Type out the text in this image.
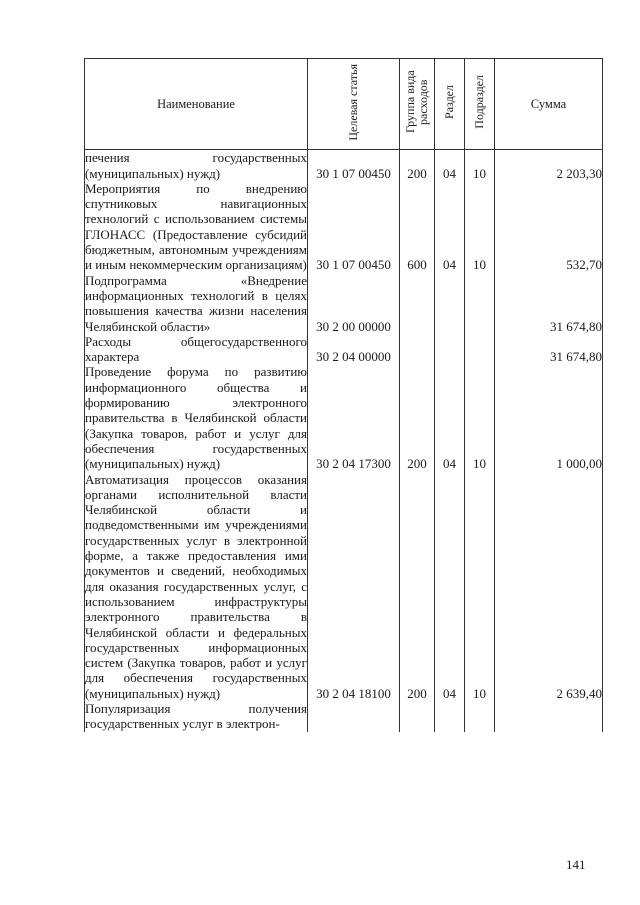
Наименование	Целевая статья	Группа вида расходов	Раздел	Подраздел	Сумма
печения государственных (муниципальных) нужд)	30 1 07 00450	200	04	10	2 203,30
Мероприятия по внедрению спутниковых навигационных технологий с использованием системы ГЛОНАСС (Предоставление субсидий бюджетным, автономным учреждениям и иным некоммерческим организациям)	30 1 07 00450	600	04	10	532,70
Подпрограмма «Внедрение информационных технологий в целях повышения качества жизни населения Челябинской области»	30 2 00 00000				31 674,80
Расходы общегосударственного характера	30 2 04 00000				31 674,80
Проведение форума по развитию информационного общества и формированию электронного правительства в Челябинской области (Закупка товаров, работ и услуг для обеспечения государственных (муниципальных) нужд)	30 2 04 17300	200	04	10	1 000,00
Автоматизация процессов оказания органами исполнительной власти Челябинской области и подведомственными им учреждениями государственных услуг в электронной форме, а также предоставления ими документов и сведений, необходимых для оказания государственных услуг, с использованием инфраструктуры электронного правительства в Челябинской области и федеральных государственных информационных систем (Закупка товаров, работ и услуг для обеспечения государственных (муниципальных) нужд)	30 2 04 18100	200	04	10	2 639,40
Популяризация получения государственных услуг в электрон-					
141
